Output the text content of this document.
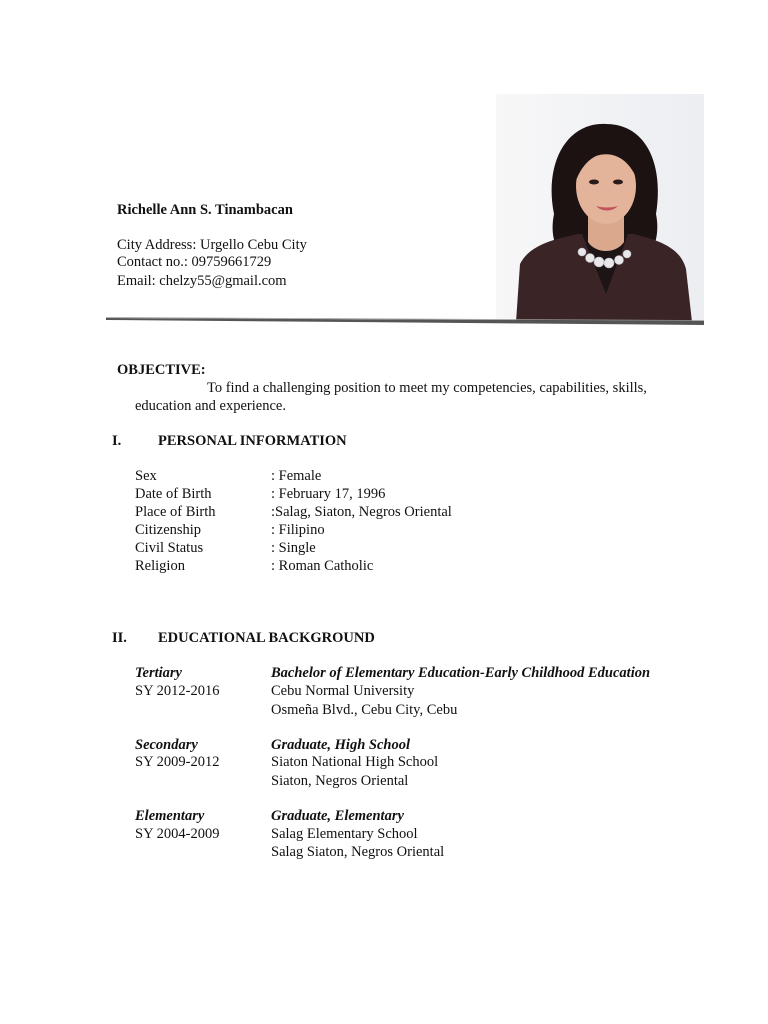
Richelle Ann S. Tinambacan
City Address: Urgello Cebu City
Contact no.: 09759661729
Email: chelzy55@gmail.com
OBJECTIVE:
To find a challenging position to meet my competencies, capabilities, skills,
education and experience.
I.	PERSONAL INFORMATION
Sex	: Female
Date of Birth	: February 17, 1996
Place of Birth	:Salag, Siaton, Negros Oriental
Citizenship	: Filipino
Civil Status	: Single
Religion	: Roman Catholic
II. EDUCATIONAL BACKGROUND
Tertiary	Bachelor of Elementary Education-Early Childhood Education
SY 2012-2016	Cebu Normal University
Osmeña Blvd., Cebu City, Cebu
Secondary	Graduate, High School
SY 2009-2012	Siaton National High School
Siaton, Negros Oriental
Elementary	Graduate, Elementary
SY 2004-2009	Salag Elementary School
Salag Siaton, Negros Oriental
